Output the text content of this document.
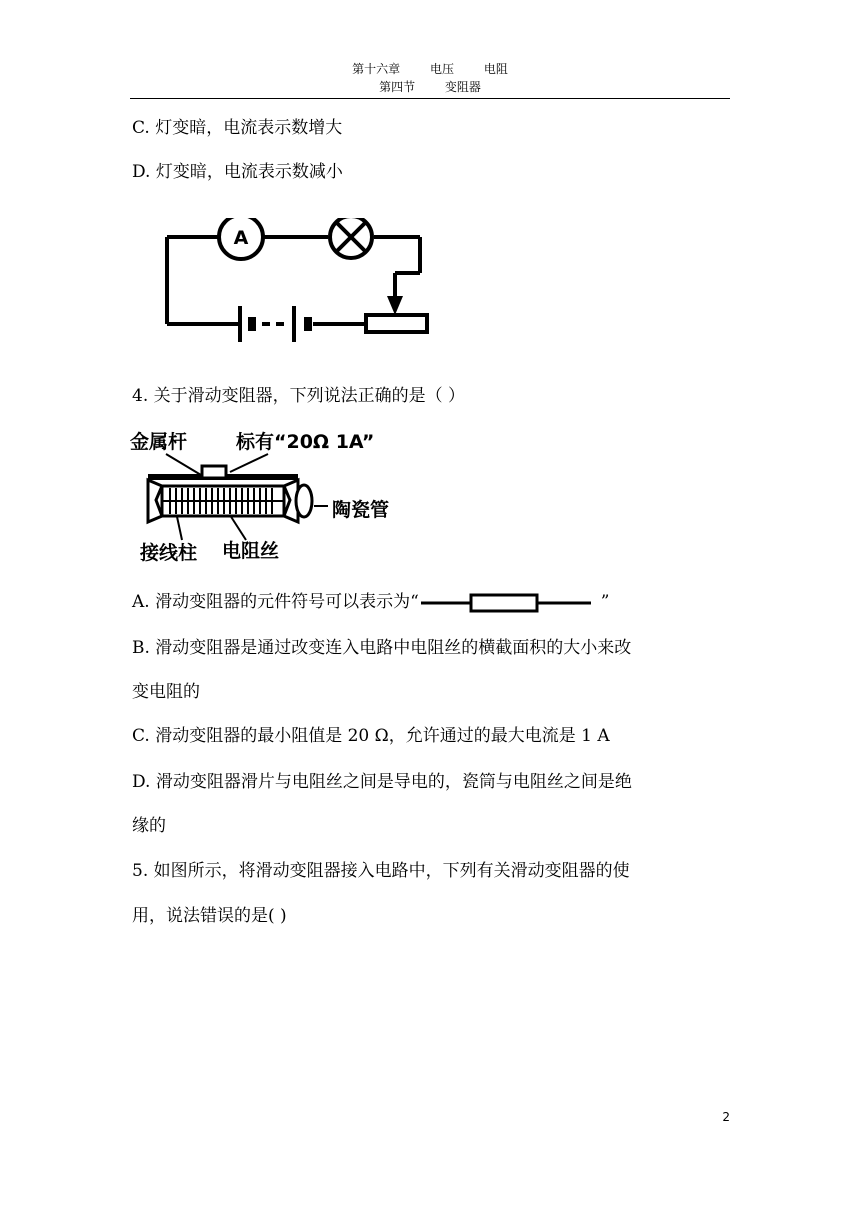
第十六章 电压 电阻
第四节 变阻器
C. 灯变暗，电流表示数增大
D. 灯变暗，电流表示数减小
A
4. 关于滑动变阻器，下列说法正确的是（ ）
金属杆	标有“20Ω 1A”
陶瓷管
接线柱 电阻丝
A. 滑动变阻器的元件符号可以表示为“	”
B. 滑动变阻器是通过改变连入电路中电阻丝的横截面积的大小来改
变电阻的
C. 滑动变阻器的最小阻值是 20 Ω，允许通过的最大电流是 1 A
D. 滑动变阻器滑片与电阻丝之间是导电的，瓷筒与电阻丝之间是绝
缘的
5. 如图所示，将滑动变阻器接入电路中，下列有关滑动变阻器的使
用，说法错误的是( )
2
